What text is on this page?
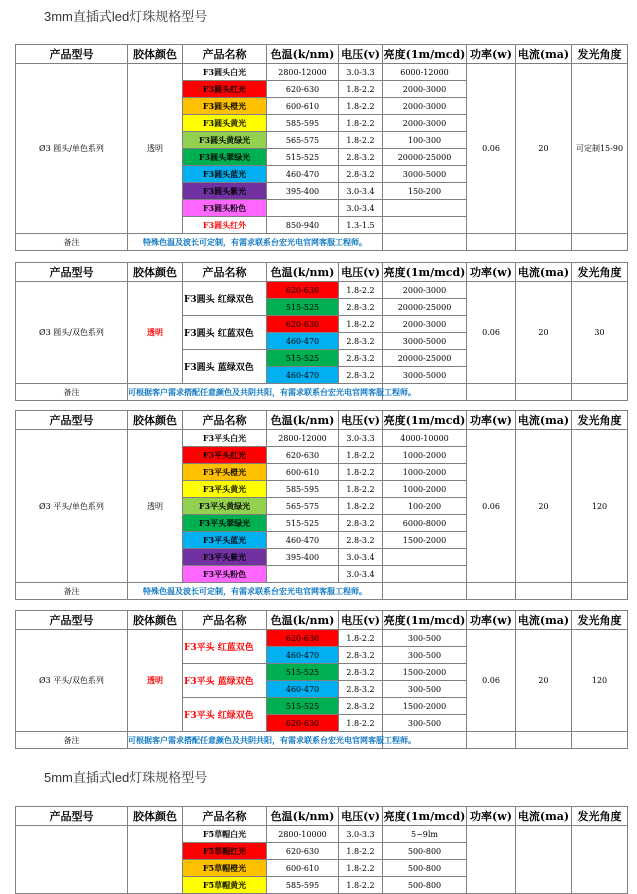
3mm直插式led灯珠规格型号
产品型号	胶体颜色	产品名称	色温(k/nm)	电压(v)	亮度(1m/mcd)	功率(w)	电流(ma)	发光角度
Ø3 圆头/单色系列	透明	F3圆头白光	2800-12000	3.0-3.3	6000-12000	0.06	20	可定制15-90
		F3圆头红光	620-630	1.8-2.2	2000-3000			
		F3圆头橙光	600-610	1.8-2.2	2000-3000			
		F3圆头黄光	585-595	1.8-2.2	2000-3000			
		F3圆头黄绿光	565-575	1.8-2.2	100-300			
		F3圆头翠绿光	515-525	2.8-3.2	20000-25000			
		F3圆头蓝光	460-470	2.8-3.2	3000-5000			
		F3圆头紫光	395-400	3.0-3.4	150-200			
		F3圆头粉色		3.0-3.4				
		F3圆头红外	850-940	1.3-1.5				
备注	特殊色温及波长可定制，有需求联系台宏光电官网客服工程师。							
产品型号	胶体颜色	产品名称	色温(k/nm)	电压(v)	亮度(1m/mcd)	功率(w)	电流(ma)	发光角度
Ø3 圆头/双色系列	透明	F3圆头 红绿双色	620-630	1.8-2.2	2000-3000	0.06	20	30
			515-525	2.8-3.2	20000-25000			
		F3圆头 红蓝双色	620-630	1.8-2.2	2000-3000			
			460-470	2.8-3.2	3000-5000			
		F3圆头 蓝绿双色	515-525	2.8-3.2	20000-25000			
			460-470	2.8-3.2	3000-5000			
备注	可根据客户需求搭配任意颜色及共阴共阳，有需求联系台宏光电官网客服工程师。							
产品型号	胶体颜色	产品名称	色温(k/nm)	电压(v)	亮度(1m/mcd)	功率(w)	电流(ma)	发光角度
Ø3 平头/单色系列	透明	F3平头白光	2800-12000	3.0-3.3	4000-10000	0.06	20	120
		F3平头红光	620-630	1.8-2.2	1000-2000			
		F3平头橙光	600-610	1.8-2.2	1000-2000			
		F3平头黄光	585-595	1.8-2.2	1000-2000			
		F3平头黄绿光	565-575	1.8-2.2	100-200			
		F3平头翠绿光	515-525	2.8-3.2	6000-8000			
		F3平头蓝光	460-470	2.8-3.2	1500-2000			
		F3平头紫光	395-400	3.0-3.4				
		F3平头粉色		3.0-3.4				
备注	特殊色温及波长可定制，有需求联系台宏光电官网客服工程师。							
产品型号	胶体颜色	产品名称	色温(k/nm)	电压(v)	亮度(1m/mcd)	功率(w)	电流(ma)	发光角度
Ø3 平头/双色系列	透明	F3平头 红蓝双色	620-630	1.8-2.2	300-500	0.06	20	120
			460-470	2.8-3.2	300-500			
		F3平头 蓝绿双色	515-525	2.8-3.2	1500-2000			
			460-470	2.8-3.2	300-500			
		F3平头 红绿双色	515-525	2.8-3.2	1500-2000			
			620-630	1.8-2.2	300-500			
备注	可根据客户需求搭配任意颜色及共阴共阳，有需求联系台宏光电官网客服工程师。							
5mm直插式led灯珠规格型号
产品型号	胶体颜色	产品名称	色温(k/nm)	电压(v)	亮度(1m/mcd)	功率(w)	电流(ma)	发光角度
		F5草帽白光	2800-10000	3.0-3.3	5~9lm			
		F5草帽红光	620-630	1.8-2.2	500-800			
		F5草帽橙光	600-610	1.8-2.2	500-800			
		F5草帽黄光	585-595	1.8-2.2	500-800			
